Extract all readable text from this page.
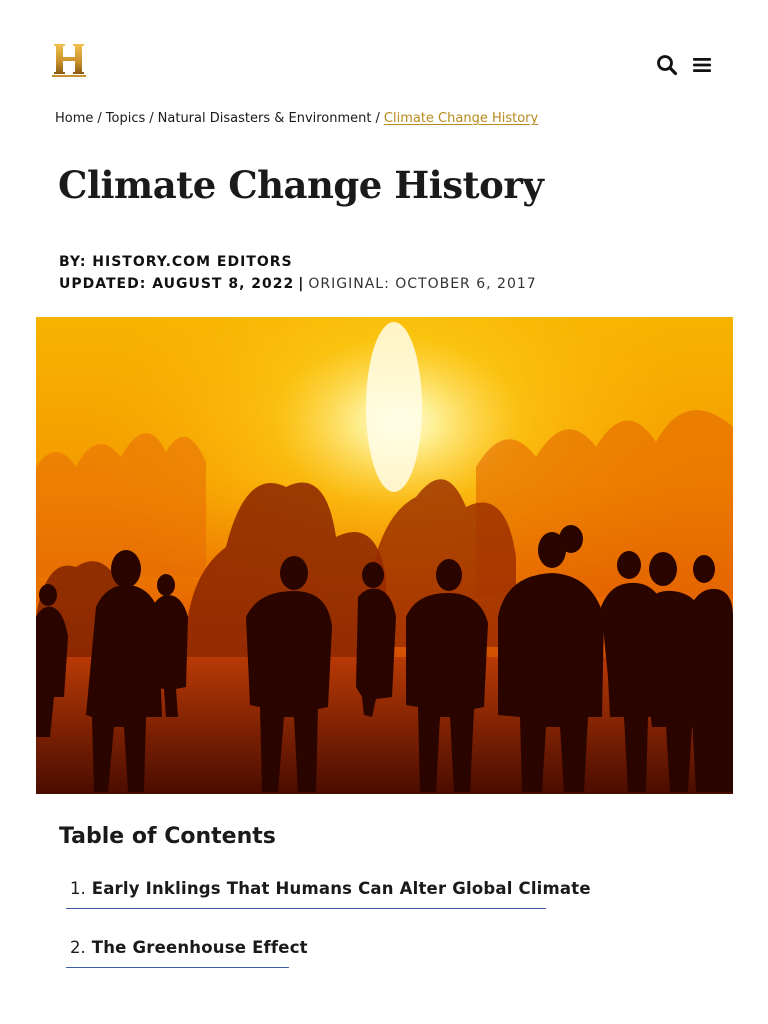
Home / Topics / Natural Disasters & Environment / Climate Change History
Climate Change History
BY: HISTORY.COM EDITORS
UPDATED: AUGUST 8, 2022 | ORIGINAL: OCTOBER 6, 2017
Table of Contents
1. Early Inklings That Humans Can Alter Global Climate
2. The Greenhouse Effect
